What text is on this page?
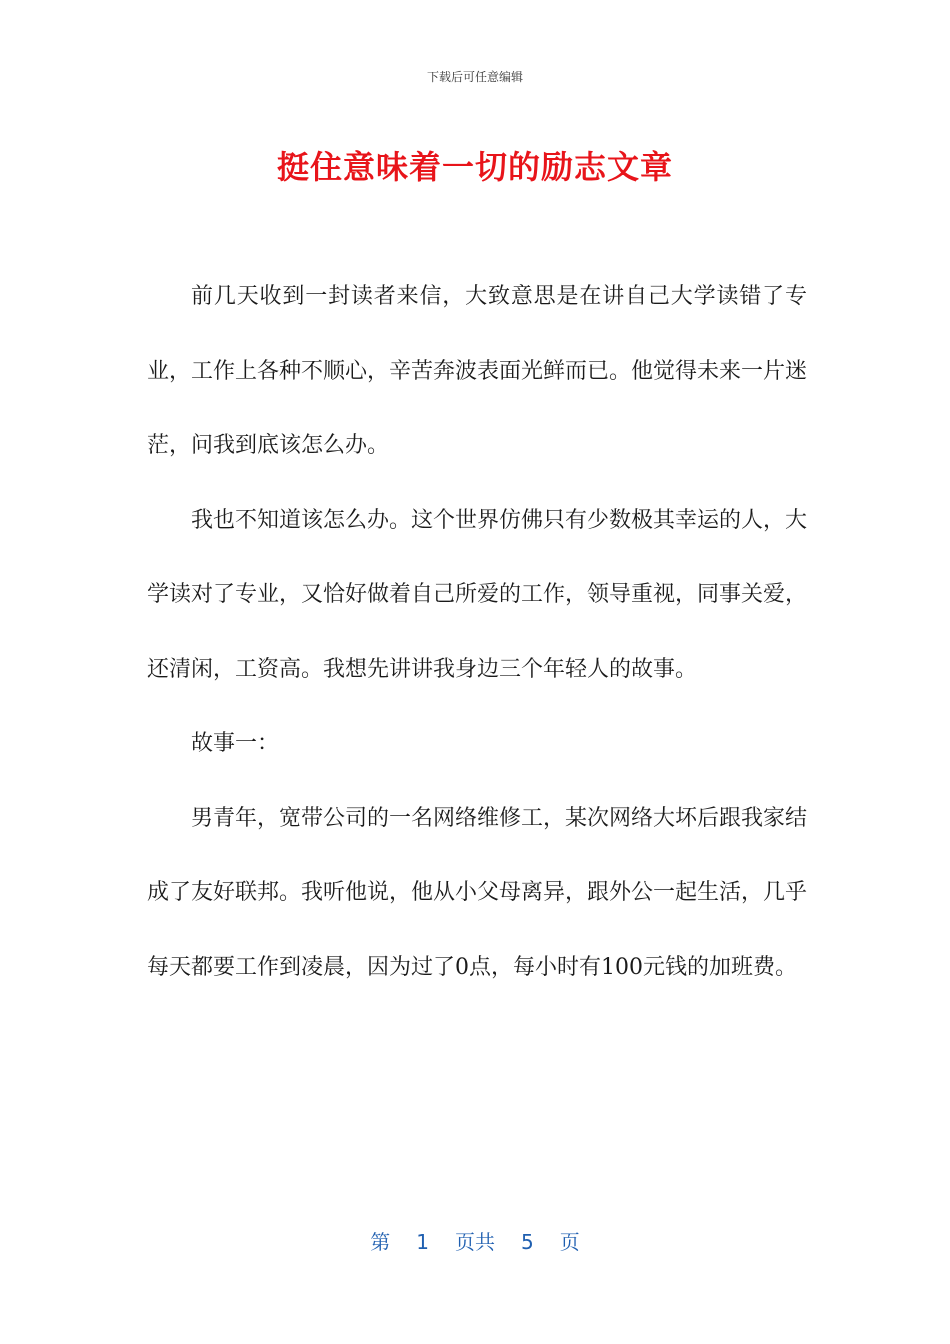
下载后可任意编辑
挺住意味着一切的励志文章

前几天收到一封读者来信，大致意思是在讲自己大学读错了专业，工作上各种不顺心，辛苦奔波表面光鲜而已。他觉得未来一片迷茫，问我到底该怎么办。

我也不知道该怎么办。这个世界仿佛只有少数极其幸运的人，大学读对了专业，又恰好做着自己所爱的工作，领导重视，同事关爱，还清闲，工资高。我想先讲讲我身边三个年轻人的故事。

故事一：

男青年，宽带公司的一名网络维修工，某次网络大坏后跟我家结成了友好联邦。我听他说，他从小父母离异，跟外公一起生活，几乎每天都要工作到凌晨，因为过了0点，每小时有100元钱的加班费。

第 1 页共 5 页
